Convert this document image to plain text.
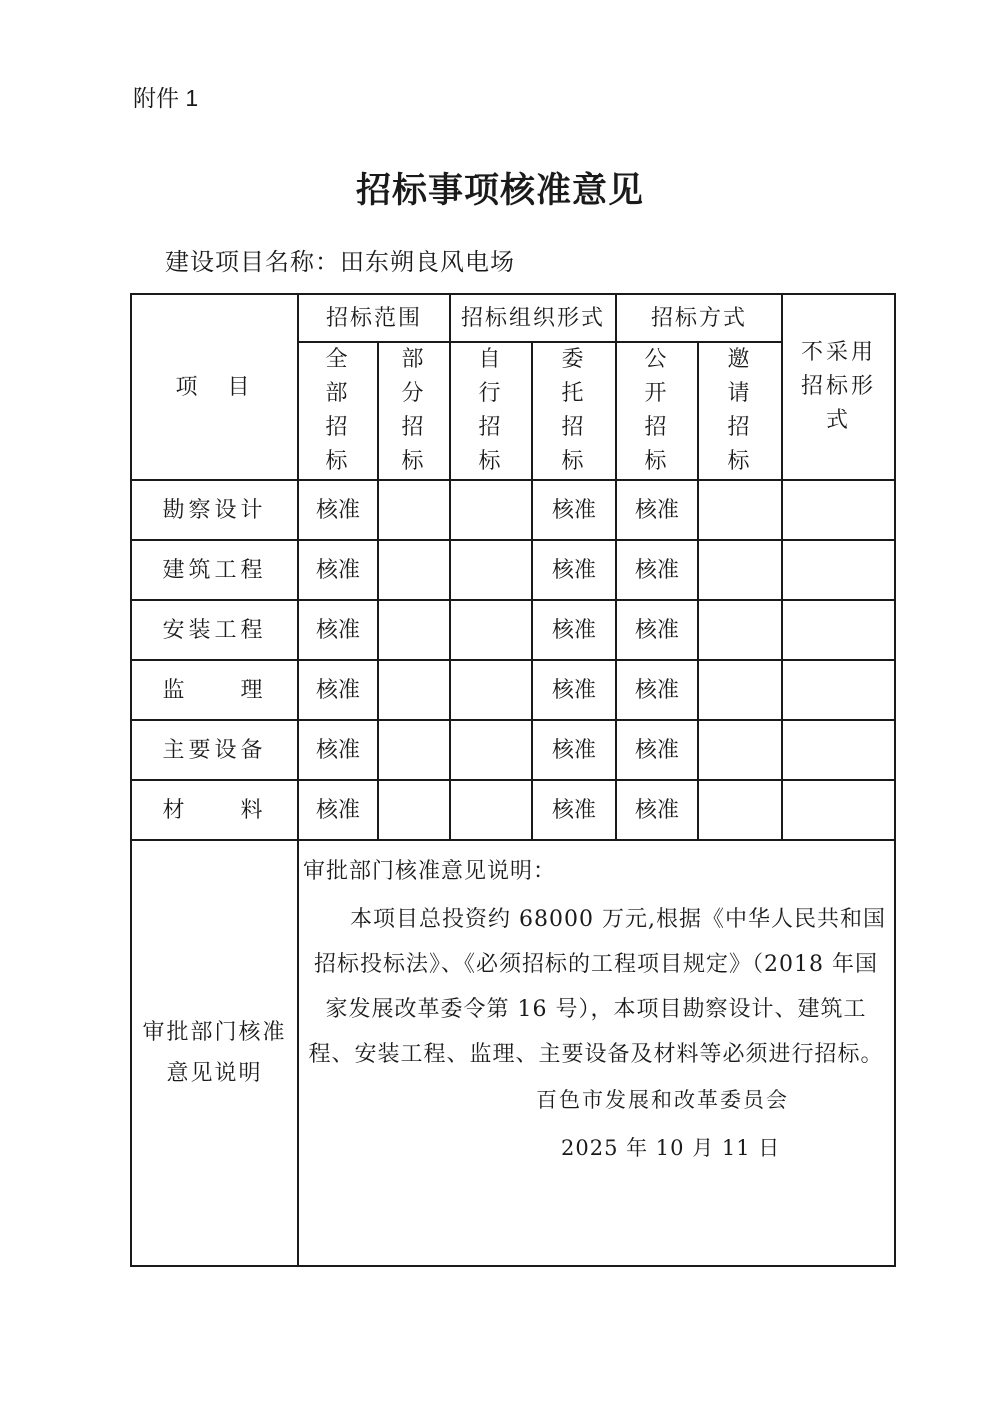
附件 1
招标事项核准意见
建设项目名称：田东朔良风电场
项　目	招标范围		招标组织形式		招标方式		不采用招标形式
	全部招标	部分招标	自行招标	委托招标	公开招标	邀请招标	
勘察设计	核准			核准	核准		
建筑工程	核准			核准	核准		
安装工程	核准			核准	核准		
监　　理	核准			核准	核准		
主要设备	核准			核准	核准		
材　　料	核准			核准	核准		
审批部门核准意见说明	审批部门核准意见说明：
本项目总投资约 68000 万元,根据《中华人民共和国招标投标法》、《必须招标的工程项目规定》（2018 年国家发展改革委令第 16 号），本项目勘察设计、建筑工程、安装工程、监理、主要设备及材料等必须进行招标。
百色市发展和改革委员会
2025 年 10 月 11 日						
